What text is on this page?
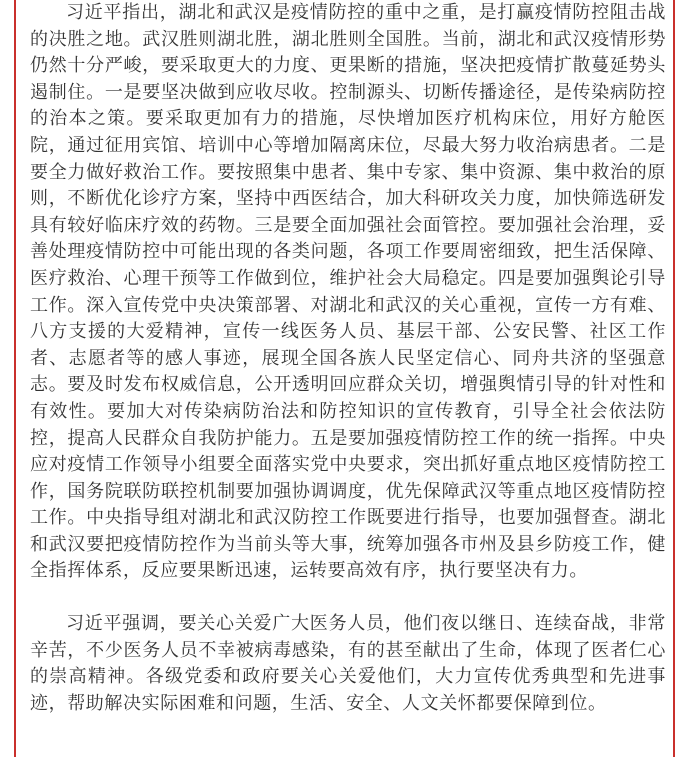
习近平指出，湖北和武汉是疫情防控的重中之重，是打赢疫情防控阻击战的决胜之地。武汉胜则湖北胜，湖北胜则全国胜。当前，湖北和武汉疫情形势仍然十分严峻，要采取更大的力度、更果断的措施，坚决把疫情扩散蔓延势头遏制住。一是要坚决做到应收尽收。控制源头、切断传播途径，是传染病防控的治本之策。要采取更加有力的措施，尽快增加医疗机构床位，用好方舱医院，通过征用宾馆、培训中心等增加隔离床位，尽最大努力收治病患者。二是要全力做好救治工作。要按照集中患者、集中专家、集中资源、集中救治的原则，不断优化诊疗方案，坚持中西医结合，加大科研攻关力度，加快筛选研发具有较好临床疗效的药物。三是要全面加强社会面管控。要加强社会治理，妥善处理疫情防控中可能出现的各类问题，各项工作要周密细致，把生活保障、医疗救治、心理干预等工作做到位，维护社会大局稳定。四是要加强舆论引导工作。深入宣传党中央决策部署、对湖北和武汉的关心重视，宣传一方有难、八方支援的大爱精神，宣传一线医务人员、基层干部、公安民警、社区工作者、志愿者等的感人事迹，展现全国各族人民坚定信心、同舟共济的坚强意志。要及时发布权威信息，公开透明回应群众关切，增强舆情引导的针对性和有效性。要加大对传染病防治法和防控知识的宣传教育，引导全社会依法防控，提高人民群众自我防护能力。五是要加强疫情防控工作的统一指挥。中央应对疫情工作领导小组要全面落实党中央要求，突出抓好重点地区疫情防控工作，国务院联防联控机制要加强协调调度，优先保障武汉等重点地区疫情防控工作。中央指导组对湖北和武汉防控工作既要进行指导，也要加强督查。湖北和武汉要把疫情防控作为当前头等大事，统筹加强各市州及县乡防疫工作，健全指挥体系，反应要果断迅速，运转要高效有序，执行要坚决有力。

习近平强调，要关心关爱广大医务人员，他们夜以继日、连续奋战，非常辛苦，不少医务人员不幸被病毒感染，有的甚至献出了生命，体现了医者仁心的崇高精神。各级党委和政府要关心关爱他们，大力宣传优秀典型和先进事迹，帮助解决实际困难和问题，生活、安全、人文关怀都要保障到位。
